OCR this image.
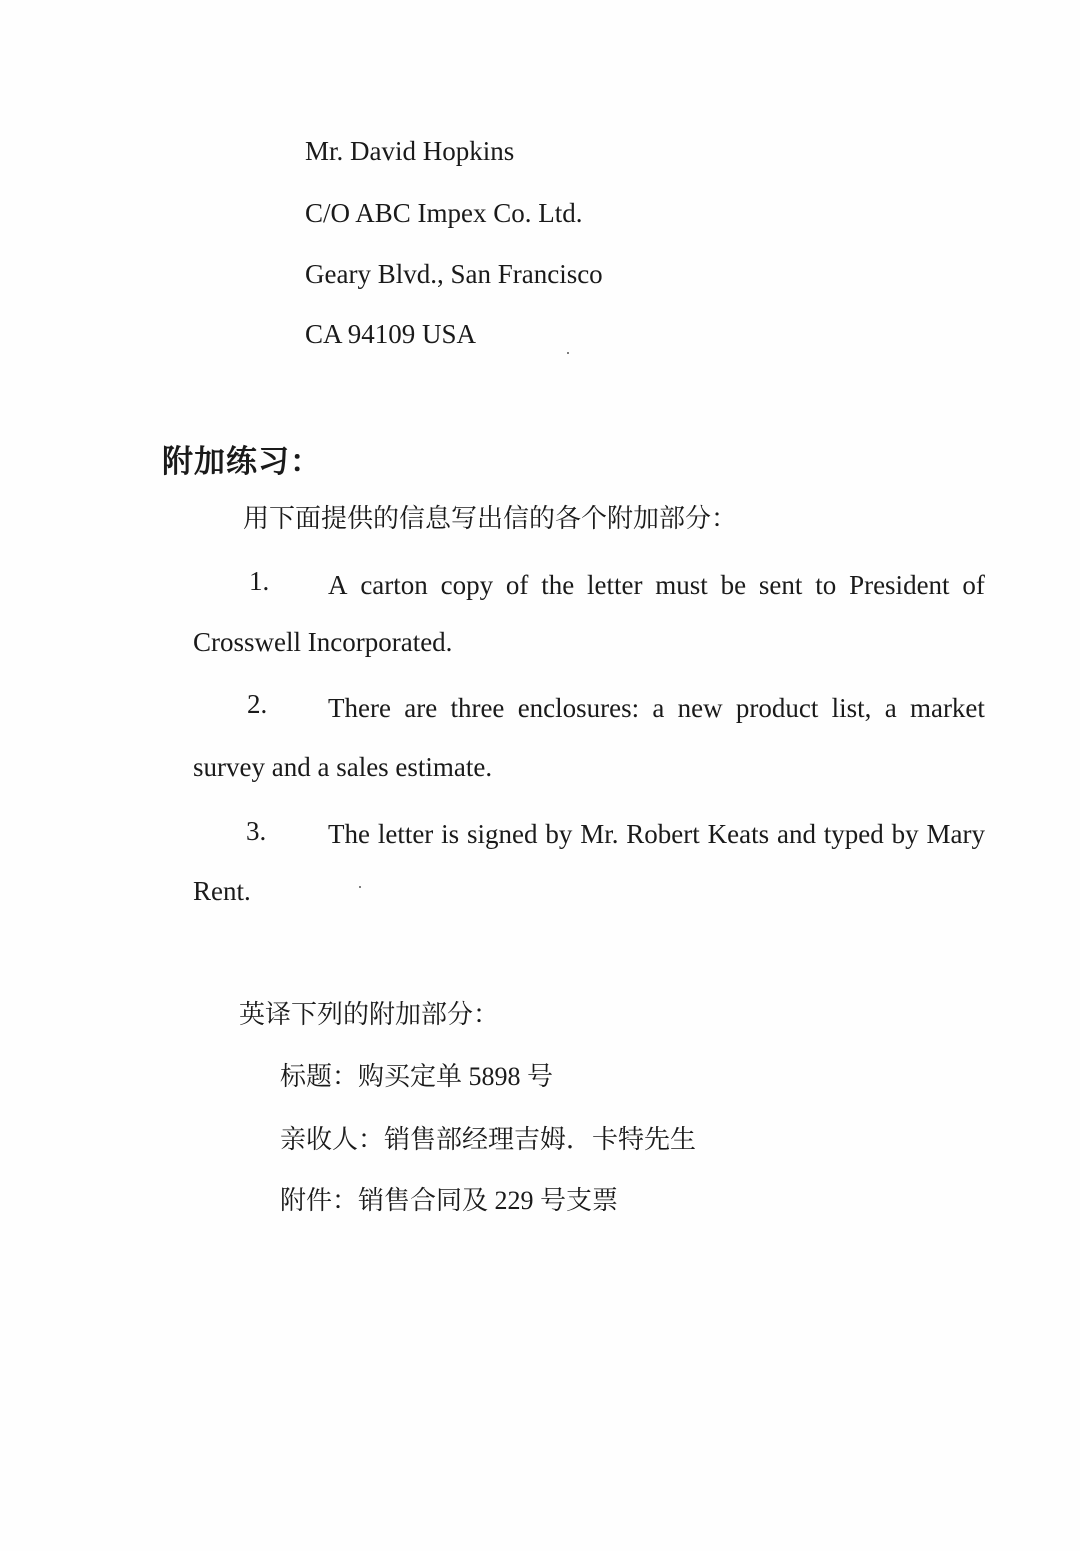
Mr. David Hopkins
C/O ABC Impex Co. Ltd.
Geary Blvd., San Francisco
CA 94109 USA
附加练习：
用下面提供的信息写出信的各个附加部分：
1. A carton copy of the letter must be sent to President of
Crosswell Incorporated.
2. There are three enclosures: a new product list, a market
survey and a sales estimate.
3. The letter is signed by Mr. Robert Keats and typed by Mary
Rent.
英译下列的附加部分：
标题：购买定单 5898 号
亲收人：销售部经理吉姆．卡特先生
附件：销售合同及 229 号支票
